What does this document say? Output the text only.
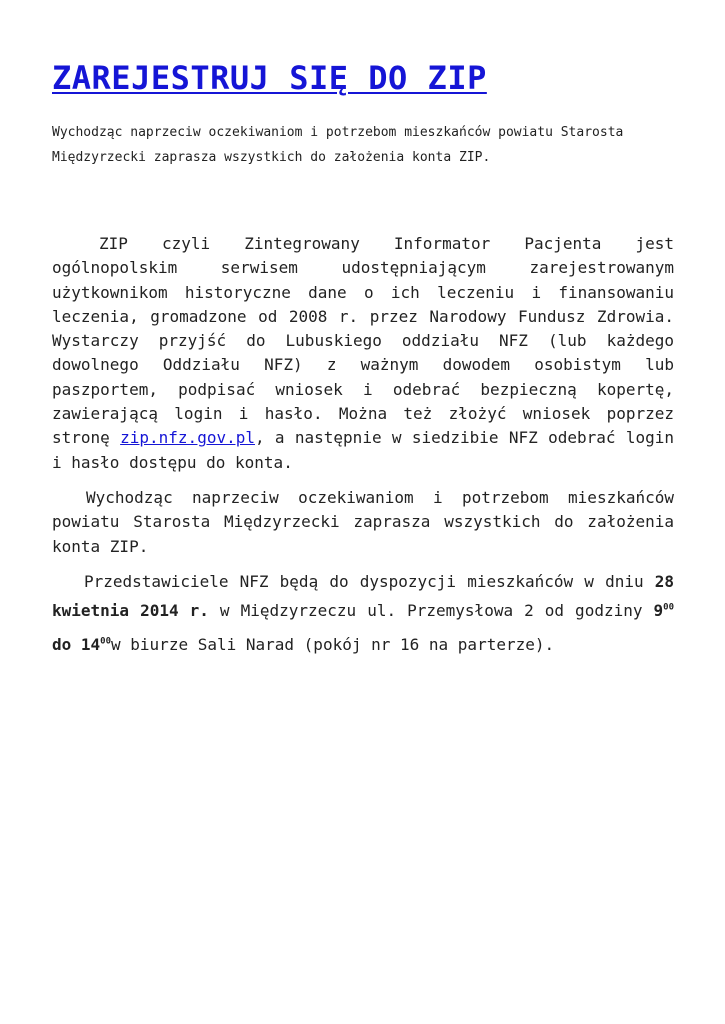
ZAREJESTRUJ SIĘ DO ZIP

Wychodząc naprzeciw oczekiwaniom i potrzebom mieszkańców powiatu Starosta Międzyrzecki zaprasza wszystkich do założenia konta ZIP.

ZIP czyli Zintegrowany Informator Pacjenta jest ogólnopolskim serwisem udostępniającym zarejestrowanym użytkownikom historyczne dane o ich leczeniu i finansowaniu leczenia, gromadzone od 2008 r. przez Narodowy Fundusz Zdrowia. Wystarczy przyjść do Lubuskiego oddziału NFZ (lub każdego dowolnego Oddziału NFZ) z ważnym dowodem osobistym lub paszportem, podpisać wniosek i odebrać bezpieczną kopertę, zawierającą login i hasło. Można też złożyć wniosek poprzez stronę zip.nfz.gov.pl, a następnie w siedzibie NFZ odebrać login i hasło dostępu do konta.

Wychodząc naprzeciw oczekiwaniom i potrzebom mieszkańców powiatu Starosta Międzyrzecki zaprasza wszystkich do założenia konta ZIP.

Przedstawiciele NFZ będą do dyspozycji mieszkańców w dniu 28 kwietnia 2014 r. w Międzyrzeczu ul. Przemysłowa 2 od godziny $9^{00}$ do $14^{00}w$ biurze Sali Narad (pokój nr 16 na parterze).
